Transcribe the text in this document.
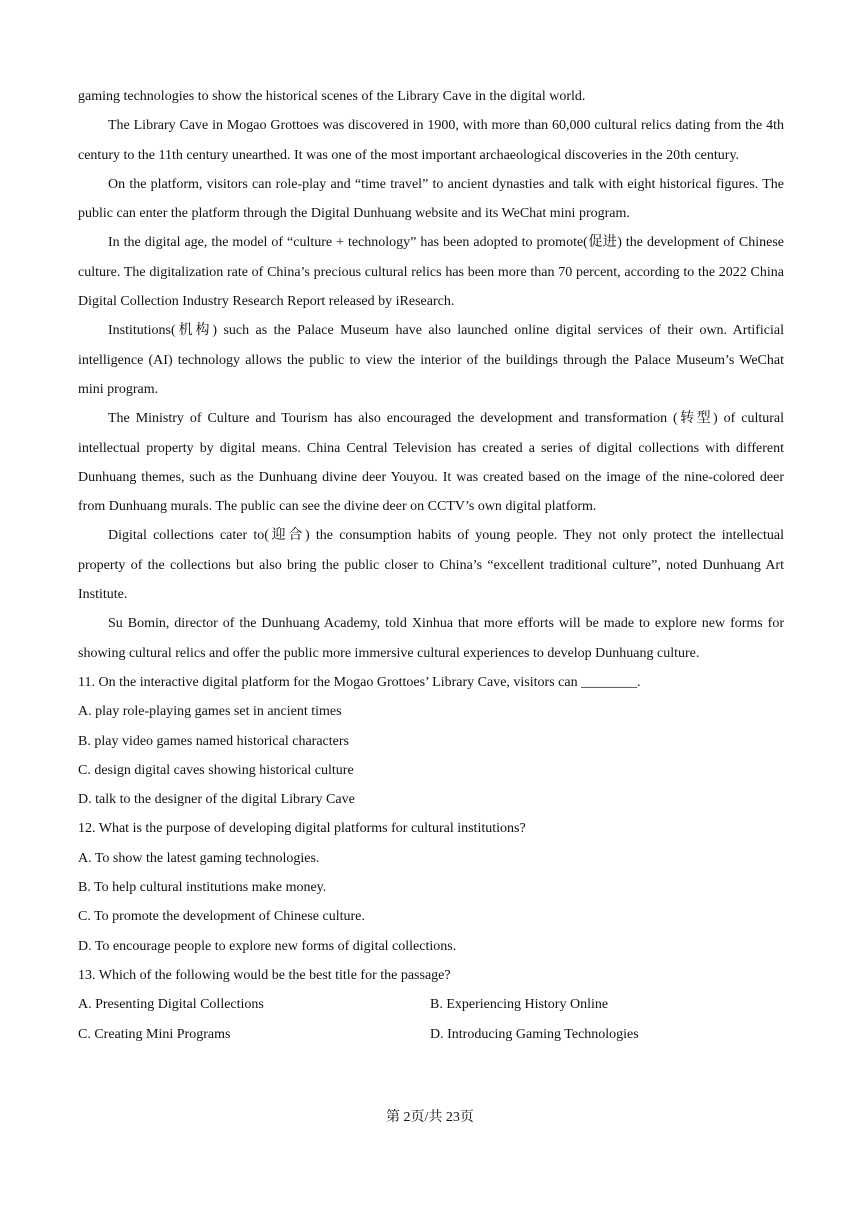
gaming technologies to show the historical scenes of the Library Cave in the digital world.

The Library Cave in Mogao Grottoes was discovered in 1900, with more than 60,000 cultural relics dating from the 4th century to the 11th century unearthed. It was one of the most important archaeological discoveries in the 20th century.

On the platform, visitors can role-play and “time travel” to ancient dynasties and talk with eight historical figures. The public can enter the platform through the Digital Dunhuang website and its WeChat mini program.

In the digital age, the model of “culture + technology” has been adopted to promote(促进) the development of Chinese culture. The digitalization rate of China’s precious cultural relics has been more than 70 percent, according to the 2022 China Digital Collection Industry Research Report released by iResearch.

Institutions(机构) such as the Palace Museum have also launched online digital services of their own. Artificial intelligence (AI) technology allows the public to view the interior of the buildings through the Palace Museum’s WeChat mini program.

The Ministry of Culture and Tourism has also encouraged the development and transformation (转型) of cultural intellectual property by digital means. China Central Television has created a series of digital collections with different Dunhuang themes, such as the Dunhuang divine deer Youyou. It was created based on the image of the nine-colored deer from Dunhuang murals. The public can see the divine deer on CCTV’s own digital platform.

Digital collections cater to(迎合) the consumption habits of young people. They not only protect the intellectual property of the collections but also bring the public closer to China’s “excellent traditional culture”, noted Dunhuang Art Institute.

Su Bomin, director of the Dunhuang Academy, told Xinhua that more efforts will be made to explore new forms for showing cultural relics and offer the public more immersive cultural experiences to develop Dunhuang culture.

11. On the interactive digital platform for the Mogao Grottoes’ Library Cave, visitors can ________.

A. play role-playing games set in ancient times

B. play video games named historical characters

C. design digital caves showing historical culture

D. talk to the designer of the digital Library Cave

12. What is the purpose of developing digital platforms for cultural institutions?

A. To show the latest gaming technologies.

B. To help cultural institutions make money.

C. To promote the development of Chinese culture.

D. To encourage people to explore new forms of digital collections.

13. Which of the following would be the best title for the passage?

A. Presenting Digital Collections	B. Experiencing History Online
C. Creating Mini Programs	D. Introducing Gaming Technologies
第 2页/共 23页
